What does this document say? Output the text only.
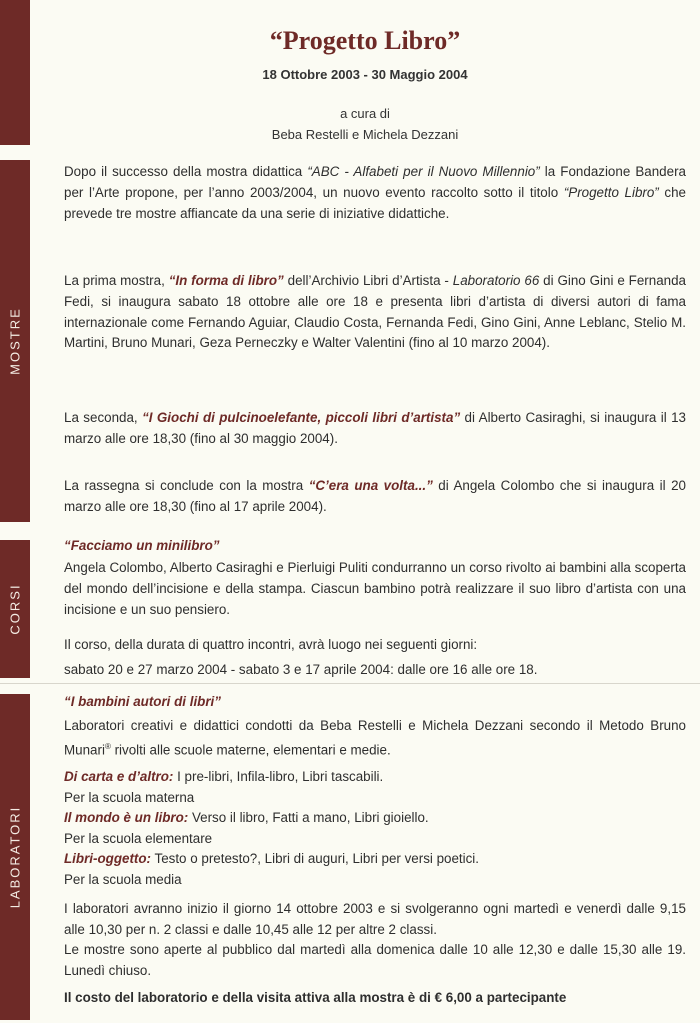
MOSTRE
CORSI
LABORATORI
“Progetto Libro”
18 Ottobre 2003 - 30 Maggio 2004
a cura di
Beba Restelli e Michela Dezzani
Dopo il successo della mostra didattica “ABC - Alfabeti per il Nuovo Millennio” la Fondazione Bandera per l’Arte propone, per l’anno 2003/2004, un nuovo evento raccolto sotto il titolo “Progetto Libro” che prevede tre mostre affiancate da una serie di iniziative didattiche.
La prima mostra, “In forma di libro” dell’Archivio Libri d’Artista - Laboratorio 66 di Gino Gini e Fernanda Fedi, si inaugura sabato 18 ottobre alle ore 18 e presenta libri d’artista di diversi autori di fama internazionale come Fernando Aguiar, Claudio Costa, Fernanda Fedi, Gino Gini, Anne Leblanc, Stelio M. Martini, Bruno Munari, Geza Perneczky e Walter Valentini (fino al 10 marzo 2004).
La seconda, “I Giochi di pulcinoelefante, piccoli libri d’artista” di Alberto Casiraghi, si inaugura il 13 marzo alle ore 18,30 (fino al 30 maggio 2004).
La rassegna si conclude con la mostra “C’era una volta...” di Angela Colombo che si inaugura il 20 marzo alle ore 18,30 (fino al 17 aprile 2004).
“Facciamo un minilibro”
Angela Colombo, Alberto Casiraghi e Pierluigi Puliti condurranno un corso rivolto ai bambini alla scoperta del mondo dell’incisione e della stampa. Ciascun bambino potrà realizzare il suo libro d’artista con una incisione e un suo pensiero.
Il corso, della durata di quattro incontri, avrà luogo nei seguenti giorni:
sabato 20 e 27 marzo 2004 - sabato 3 e 17 aprile 2004: dalle ore 16 alle ore 18.
“I bambini autori di libri”
Laboratori creativi e didattici condotti da Beba Restelli e Michela Dezzani secondo il Metodo Bruno Munari® rivolti alle scuole materne, elementari e medie.
Di carta e d’altro: I pre-libri, Infila-libro, Libri tascabili.
Per la scuola materna
Il mondo è un libro: Verso il libro, Fatti a mano, Libri gioiello.
Per la scuola elementare
Libri-oggetto: Testo o pretesto?, Libri di auguri, Libri per versi poetici.
Per la scuola media
I laboratori avranno inizio il giorno 14 ottobre 2003 e si svolgeranno ogni martedì e venerdì dalle 9,15 alle 10,30 per n. 2 classi e dalle 10,45 alle 12 per altre 2 classi.
Le mostre sono aperte al pubblico dal martedì alla domenica dalle 10 alle 12,30 e dalle 15,30 alle 19. Lunedì chiuso.
Il costo del laboratorio e della visita attiva alla mostra è di € 6,00 a partecipante
